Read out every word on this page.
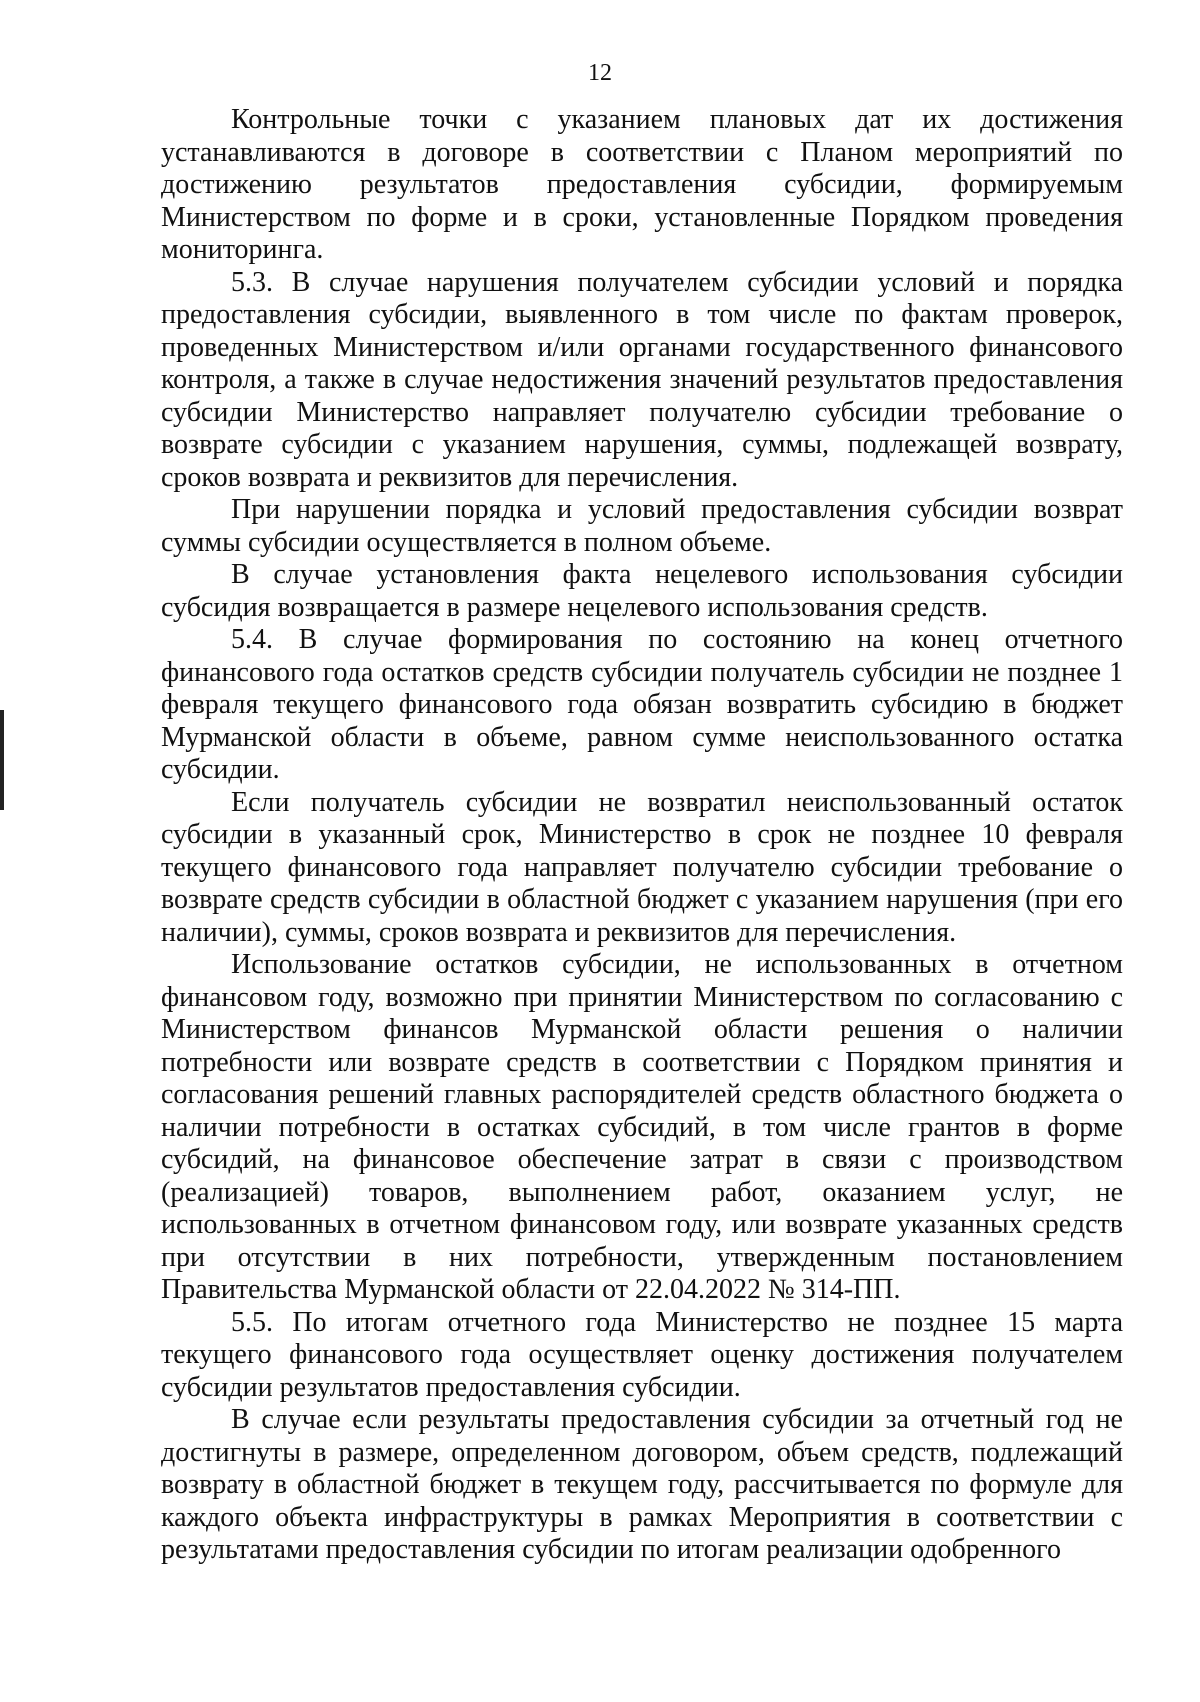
12

Контрольные точки с указанием плановых дат их достижения устанавливаются в договоре в соответствии с Планом мероприятий по достижению результатов предоставления субсидии, формируемым Министерством по форме и в сроки, установленные Порядком проведения мониторинга.

5.3. В случае нарушения получателем субсидии условий и порядка предоставления субсидии, выявленного в том числе по фактам проверок, проведенных Министерством и/или органами государственного финансового контроля, а также в случае недостижения значений результатов предоставления субсидии Министерство направляет получателю субсидии требование о возврате субсидии с указанием нарушения, суммы, подлежащей возврату, сроков возврата и реквизитов для перечисления.

При нарушении порядка и условий предоставления субсидии возврат суммы субсидии осуществляется в полном объеме.

В случае установления факта нецелевого использования субсидии субсидия возвращается в размере нецелевого использования средств.

5.4. В случае формирования по состоянию на конец отчетного финансового года остатков средств субсидии получатель субсидии не позднее 1 февраля текущего финансового года обязан возвратить субсидию в бюджет Мурманской области в объеме, равном сумме неиспользованного остатка субсидии.

Если получатель субсидии не возвратил неиспользованный остаток субсидии в указанный срок, Министерство в срок не позднее 10 февраля текущего финансового года направляет получателю субсидии требование о возврате средств субсидии в областной бюджет с указанием нарушения (при его наличии), суммы, сроков возврата и реквизитов для перечисления.

Использование остатков субсидии, не использованных в отчетном финансовом году, возможно при принятии Министерством по согласованию с Министерством финансов Мурманской области решения о наличии потребности или возврате средств в соответствии с Порядком принятия и согласования решений главных распорядителей средств областного бюджета о наличии потребности в остатках субсидий, в том числе грантов в форме субсидий, на финансовое обеспечение затрат в связи с производством (реализацией) товаров, выполнением работ, оказанием услуг, не использованных в отчетном финансовом году, или возврате указанных средств при отсутствии в них потребности, утвержденным постановлением Правительства Мурманской области от 22.04.2022 № 314-ПП.

5.5. По итогам отчетного года Министерство не позднее 15 марта текущего финансового года осуществляет оценку достижения получателем субсидии результатов предоставления субсидии.

В случае если результаты предоставления субсидии за отчетный год не достигнуты в размере, определенном договором, объем средств, подлежащий возврату в областной бюджет в текущем году, рассчитывается по формуле для каждого объекта инфраструктуры в рамках Мероприятия в соответствии с результатами предоставления субсидии по итогам реализации одобренного
